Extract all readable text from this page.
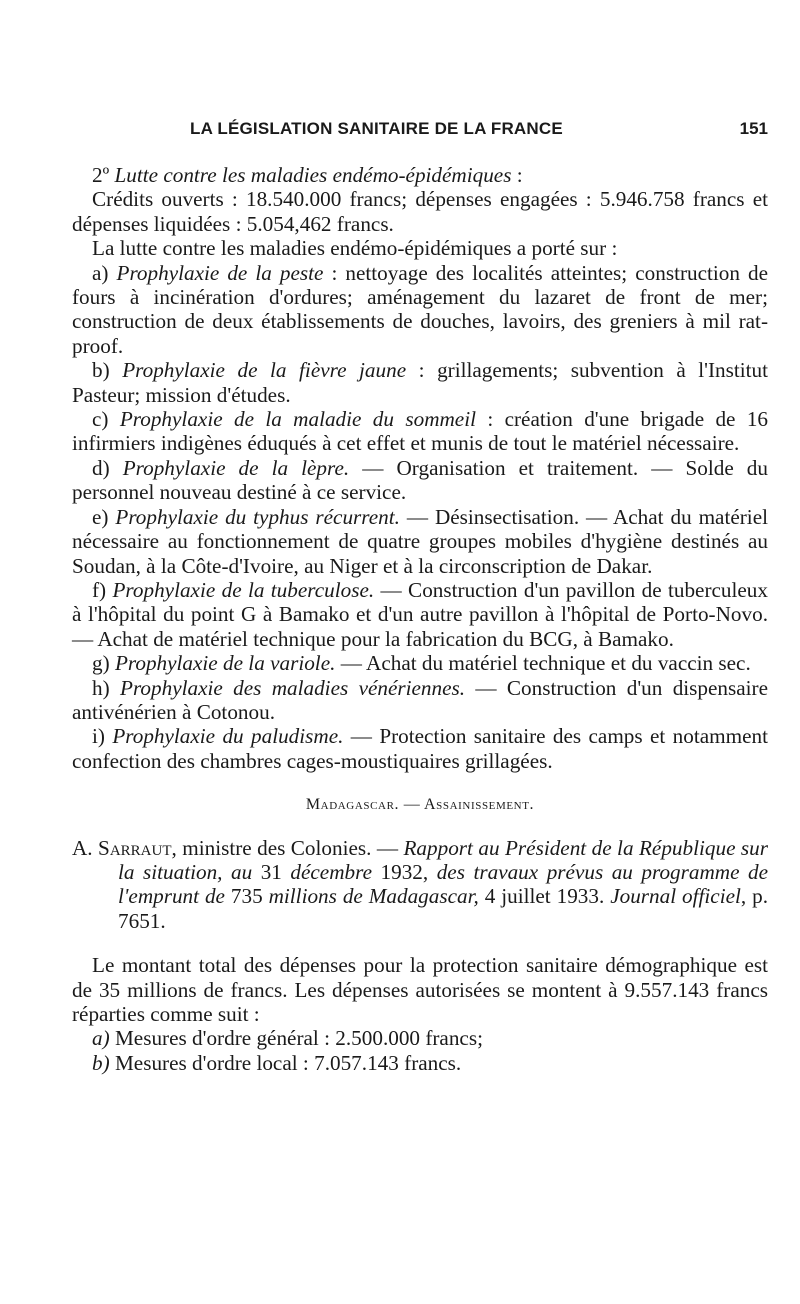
LA LÉGISLATION SANITAIRE DE LA FRANCE	151

2º Lutte contre les maladies endémo-épidémiques :

Crédits ouverts : 18.540.000 francs; dépenses engagées : 5.946.758 francs et dépenses liquidées : 5.054,462 francs.

La lutte contre les maladies endémo-épidémiques a porté sur :

a) Prophylaxie de la peste : nettoyage des localités atteintes; construction de fours à incinération d'ordures; aménagement du lazaret de front de mer; construction de deux établissements de douches, lavoirs, des greniers à mil rat-proof.

b) Prophylaxie de la fièvre jaune : grillagements; subvention à l'Institut Pasteur; mission d'études.

c) Prophylaxie de la maladie du sommeil : création d'une brigade de 16 infirmiers indigènes éduqués à cet effet et munis de tout le matériel nécessaire.

d) Prophylaxie de la lèpre. — Organisation et traitement. — Solde du personnel nouveau destiné à ce service.

e) Prophylaxie du typhus récurrent. — Désinsectisation. — Achat du matériel nécessaire au fonctionnement de quatre groupes mobiles d'hygiène destinés au Soudan, à la Côte-d'Ivoire, au Niger et à la circonscription de Dakar.

f) Prophylaxie de la tuberculose. — Construction d'un pavillon de tuberculeux à l'hôpital du point G à Bamako et d'un autre pavillon à l'hôpital de Porto-Novo. — Achat de matériel technique pour la fabrication du BCG, à Bamako.

g) Prophylaxie de la variole. — Achat du matériel technique et du vaccin sec.

h) Prophylaxie des maladies vénériennes. — Construction d'un dispensaire antivénérien à Cotonou.

i) Prophylaxie du paludisme. — Protection sanitaire des camps et notamment confection des chambres cages-moustiquaires grillagées.

Madagascar. — Assainissement.

A. Sarraut, ministre des Colonies. — Rapport au Président de la République sur la situation, au 31 décembre 1932, des travaux prévus au programme de l'emprunt de 735 millions de Madagascar, 4 juillet 1933. Journal officiel, p. 7651.

Le montant total des dépenses pour la protection sanitaire démographique est de 35 millions de francs. Les dépenses autorisées se montent à 9.557.143 francs réparties comme suit :

a) Mesures d'ordre général : 2.500.000 francs;

b) Mesures d'ordre local : 7.057.143 francs.
